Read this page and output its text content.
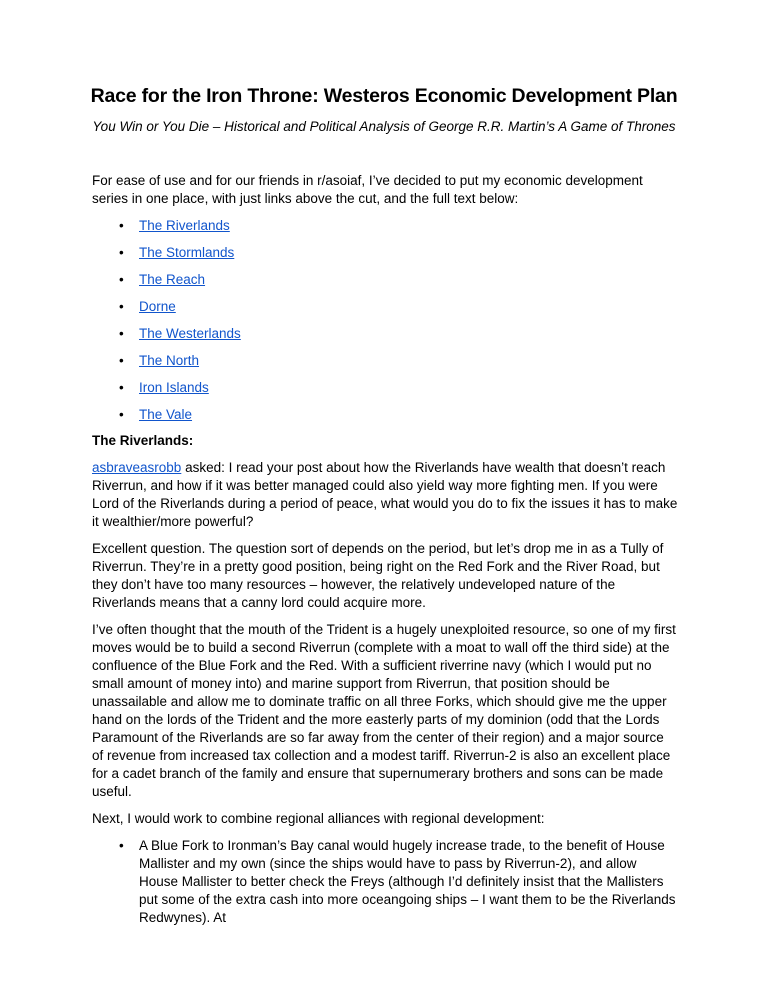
Race for the Iron Throne: Westeros Economic Development Plan
You Win or You Die – Historical and Political Analysis of George R.R. Martin’s A Game of Thrones

For ease of use and for our friends in r/asoiaf, I’ve decided to put my economic development series in one place, with just links above the cut, and the full text below:

• The Riverlands
• The Stormlands
• The Reach
• Dorne
• The Westerlands
• The North
• Iron Islands
• The Vale
The Riverlands:

asbraveasrobb asked: I read your post about how the Riverlands have wealth that doesn’t reach Riverrun, and how if it was better managed could also yield way more fighting men. If you were Lord of the Riverlands during a period of peace, what would you do to fix the issues it has to make it wealthier/more powerful?

Excellent question. The question sort of depends on the period, but let’s drop me in as a Tully of Riverrun. They’re in a pretty good position, being right on the Red Fork and the River Road, but they don’t have too many resources – however, the relatively undeveloped nature of the Riverlands means that a canny lord could acquire more.

I’ve often thought that the mouth of the Trident is a hugely unexploited resource, so one of my first moves would be to build a second Riverrun (complete with a moat to wall off the third side) at the confluence of the Blue Fork and the Red. With a sufficient riverrine navy (which I would put no small amount of money into) and marine support from Riverrun, that position should be unassailable and allow me to dominate traffic on all three Forks, which should give me the upper hand on the lords of the Trident and the more easterly parts of my dominion (odd that the Lords Paramount of the Riverlands are so far away from the center of their region) and a major source of revenue from increased tax collection and a modest tariff. Riverrun-2 is also an excellent place for a cadet branch of the family and ensure that supernumerary brothers and sons can be made useful.

Next, I would work to combine regional alliances with regional development:

• A Blue Fork to Ironman’s Bay canal would hugely increase trade, to the benefit of House Mallister and my own (since the ships would have to pass by Riverrun-2), and allow House Mallister to better check the Freys (although I’d definitely insist that the Mallisters put some of the extra cash into more oceangoing ships – I want them to be the Riverlands Redwynes). At
